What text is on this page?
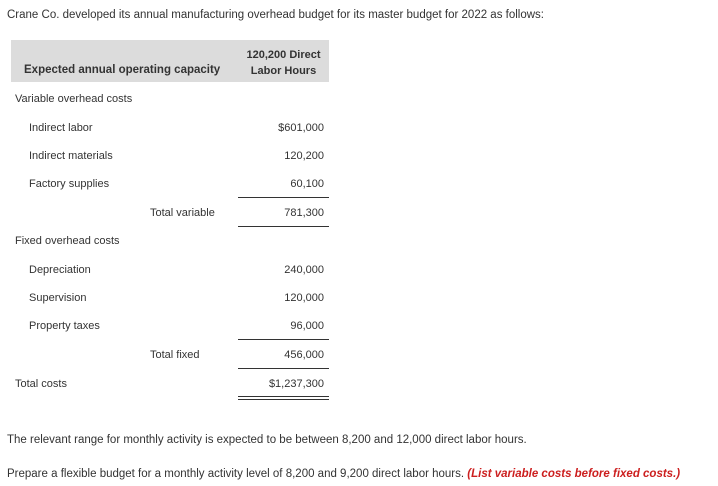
Crane Co. developed its annual manufacturing overhead budget for its master budget for 2022 as follows:
Expected annual operating capacity
120,200 Direct Labor Hours
Variable overhead costs
Indirect labor	$601,000
Indirect materials	120,200
Factory supplies	60,100
Total variable	781,300
Fixed overhead costs
Depreciation	240,000
Supervision	120,000
Property taxes	96,000
Total fixed	456,000
Total costs	$1,237,300
The relevant range for monthly activity is expected to be between 8,200 and 12,000 direct labor hours.
Prepare a flexible budget for a monthly activity level of 8,200 and 9,200 direct labor hours. (List variable costs before fixed costs.)
